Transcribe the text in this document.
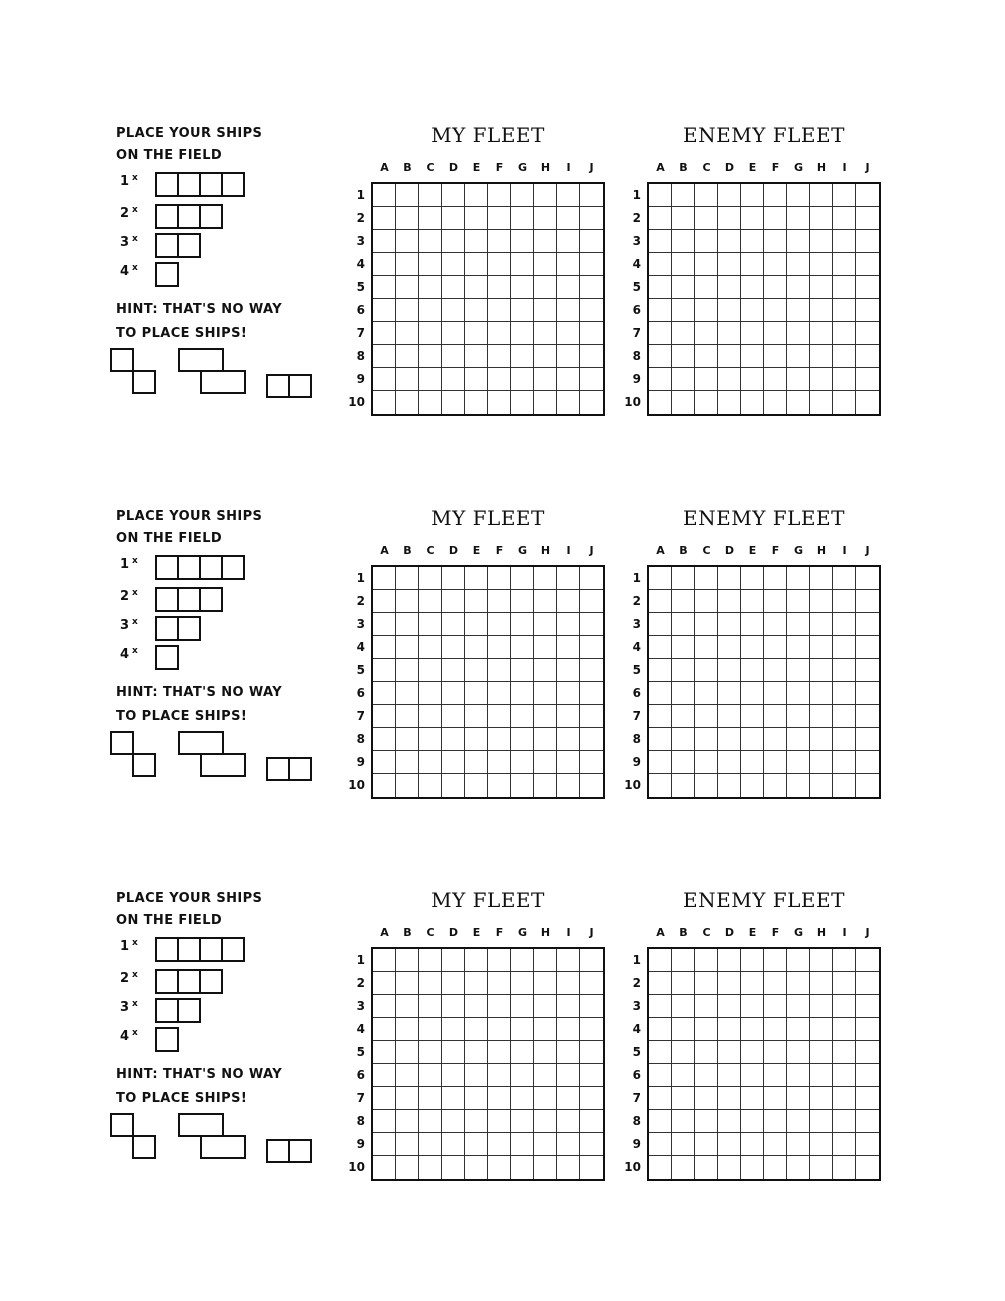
PLACE YOUR SHIPS
ON THE FIELD
1 $^x$
2 $^x$
3 $^x$
4 $^x$
HINT: THAT'S NO WAY
TO PLACE SHIPS!
MY FLEET
A	B	C	D	E	F	G	H	I	J
1
2
3
4
5
6
7
8
9
10
ENEMY FLEET
A	B	C	D	E	F	G	H	I	J
1
2
3
4
5
6
7
8
9
10
PLACE YOUR SHIPS
ON THE FIELD
1 $^x$
2 $^x$
3 $^x$
4 $^x$
HINT: THAT'S NO WAY
TO PLACE SHIPS!
MY FLEET
A	B	C	D	E	F	G	H	I	J
1
2
3
4
5
6
7
8
9
10
ENEMY FLEET
A	B	C	D	E	F	G	H	I	J
1
2
3
4
5
6
7
8
9
10
PLACE YOUR SHIPS
ON THE FIELD
1 $^x$
2 $^x$
3 $^x$
4 $^x$
HINT: THAT'S NO WAY
TO PLACE SHIPS!
MY FLEET
A	B	C	D	E	F	G	H	I	J
1
2
3
4
5
6
7
8
9
10
ENEMY FLEET
A	B	C	D	E	F	G	H	I	J
1
2
3
4
5
6
7
8
9
10
